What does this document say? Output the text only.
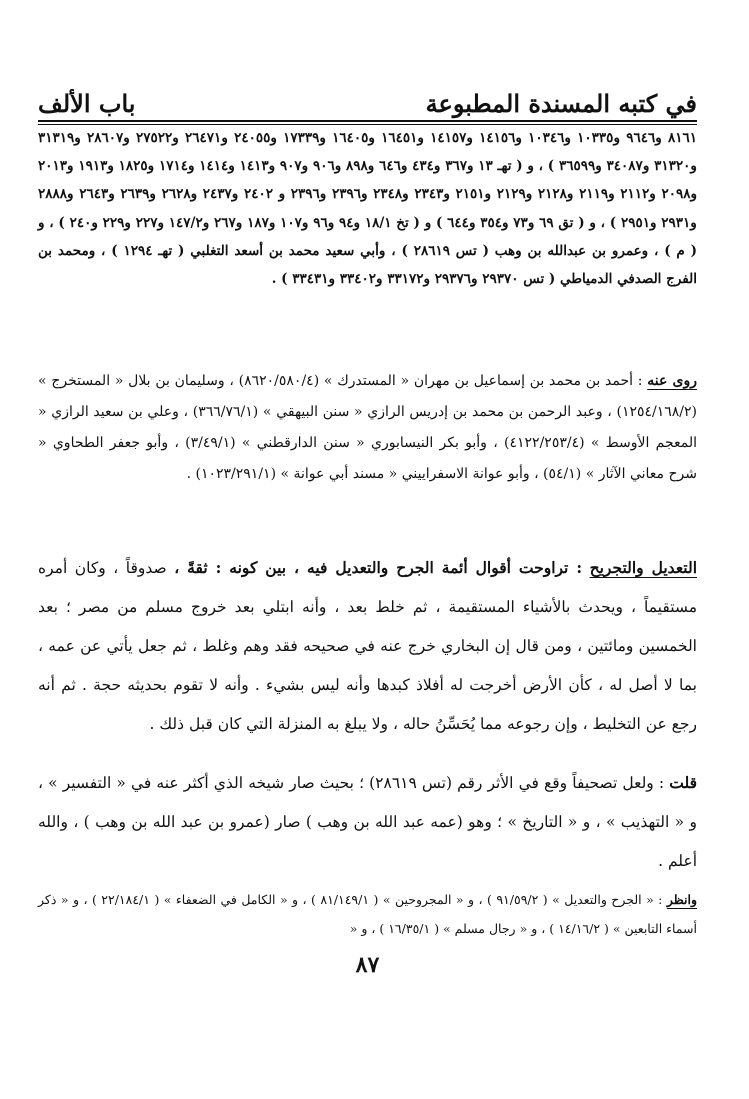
في كتبه المسندة المطبوعة
باب الألف

٨١٦١ و٩٦٤٦ و١٠٣٣٥ و١٠٣٤٦ و١٤١٥٦ و١٤١٥٧ و١٦٤٥١ و١٦٤٠٥ و١٧٣٣٩ و٢٤٠٥٥ و٢٦٤٧١ و٢٧٥٢٢ و٢٨٦٠٧ و٣١٣١٩ و٣١٣٢٠ و٣٤٠٨٧ و٣٦٥٩٩ ) ، و ( تهـ ١٣ و٣٦٧ و٤٣٤ و٦٤٦ و٨٩٨ و٩٠٦ و٩٠٧ و١٤١٣ و١٤١٤ و١٧١٤ و١٨٢٥ و١٩١٣ و٢٠١٣ و٢٠٩٨ و٢١١٢ و٢١١٩ و٢١٢٨ و٢١٢٩ و٢١٥١ و٢٣٤٣ و٢٣٤٨ و٢٣٩٦ و٢٣٩٦ و ٢٤٠٢ و٢٤٣٧ و٢٦٢٨ و٢٦٣٩ و٢٦٤٣ و٢٨٨٨ و٢٩٣١ و٢٩٥١ ) ، و ( تق ٦٩ و٧٣ و٣٥٤ و٦٤٤ ) و ( تخ ١٨/١ و٩٤ و٩٦ و١٠٧ و١٨٧ و٢٦٧ و١٤٧/٢ و٢٢٧ و٢٢٩ و٢٤٠ ) ، و ( م ) ، وعمرو بن عبدالله بن وهب ( تس ٢٨٦١٩ ) ، وأبي سعيد محمد بن أسعد التغلبي ( تهـ ١٢٩٤ ) ، ومحمد بن الفرج الصدفي الدمياطي ( تس ٢٩٣٧٠ و٢٩٣٧٦ و٣٣١٧٢ و٣٣٤٠٢ و٣٣٤٣١ ) .

روى عنه : أحمد بن محمد بن إسماعيل بن مهران « المستدرك » (٨٦٢٠/٥٨٠/٤) ، وسليمان بن بلال « المستخرج » (١٢٥٤/١٦٨/٢) ، وعبد الرحمن بن محمد بن إدريس الرازي « سنن البيهقي » (٣٦٦/٧٦/١) ، وعلي بن سعيد الرازي « المعجم الأوسط » (٤١٢٢/٢٥٣/٤) ، وأبو بكر النيسابوري « سنن الدارقطني » (٣/٤٩/١) ، وأبو جعفر الطحاوي « شرح معاني الآثار » (٥٤/١) ، وأبو عوانة الاسفراييني « مسند أبي عوانة » (١٠٢٣/٢٩١/١) .

التعديل والتجريح : تراوحت أقوال أئمة الجرح والتعديل فيه ، بين كونه : ثقةً ، صدوقاً ، وكان أمره مستقيماً ، ويحدث بالأشياء المستقيمة ، ثم خلط بعد ، وأنه ابتلي بعد خروج مسلم من مصر ؛ بعد الخمسين ومائتين ، ومن قال إن البخاري خرج عنه في صحيحه فقد وهم وغلط ، ثم جعل يأتي عن عمه ، بما لا أصل له ، كأن الأرض أخرجت له أفلاذ كبدها وأنه ليس بشيء . وأنه لا تقوم بحديثه حجة . ثم أنه رجع عن التخليط ، وإن رجوعه مما يُحَسِّنُ حاله ، ولا يبلغ به المنزلة التي كان قبل ذلك .

قلت : ولعل تصحيفاً وقع في الأثر رقم (تس ٢٨٦١٩) ؛ بحيث صار شيخه الذي أكثر عنه في « التفسير » ، و « التهذيب » ، و « التاريخ » ؛ وهو (عمه عبد الله بن وهب ) صار (عمرو بن عبد الله بن وهب ) ، والله أعلم .

وانظر : « الجرح والتعديل » ( ٩١/٥٩/٢ ) ، و « المجروحين » ( ٨١/١٤٩/١ ) ، و « الكامل في الضعفاء » ( ٢٢/١٨٤/١ ) ، و « ذكر أسماء التابعين » ( ١٤/١٦/٢ ) ، و « رجال مسلم » ( ١٦/٣٥/١ ) ، و «

٨٧
